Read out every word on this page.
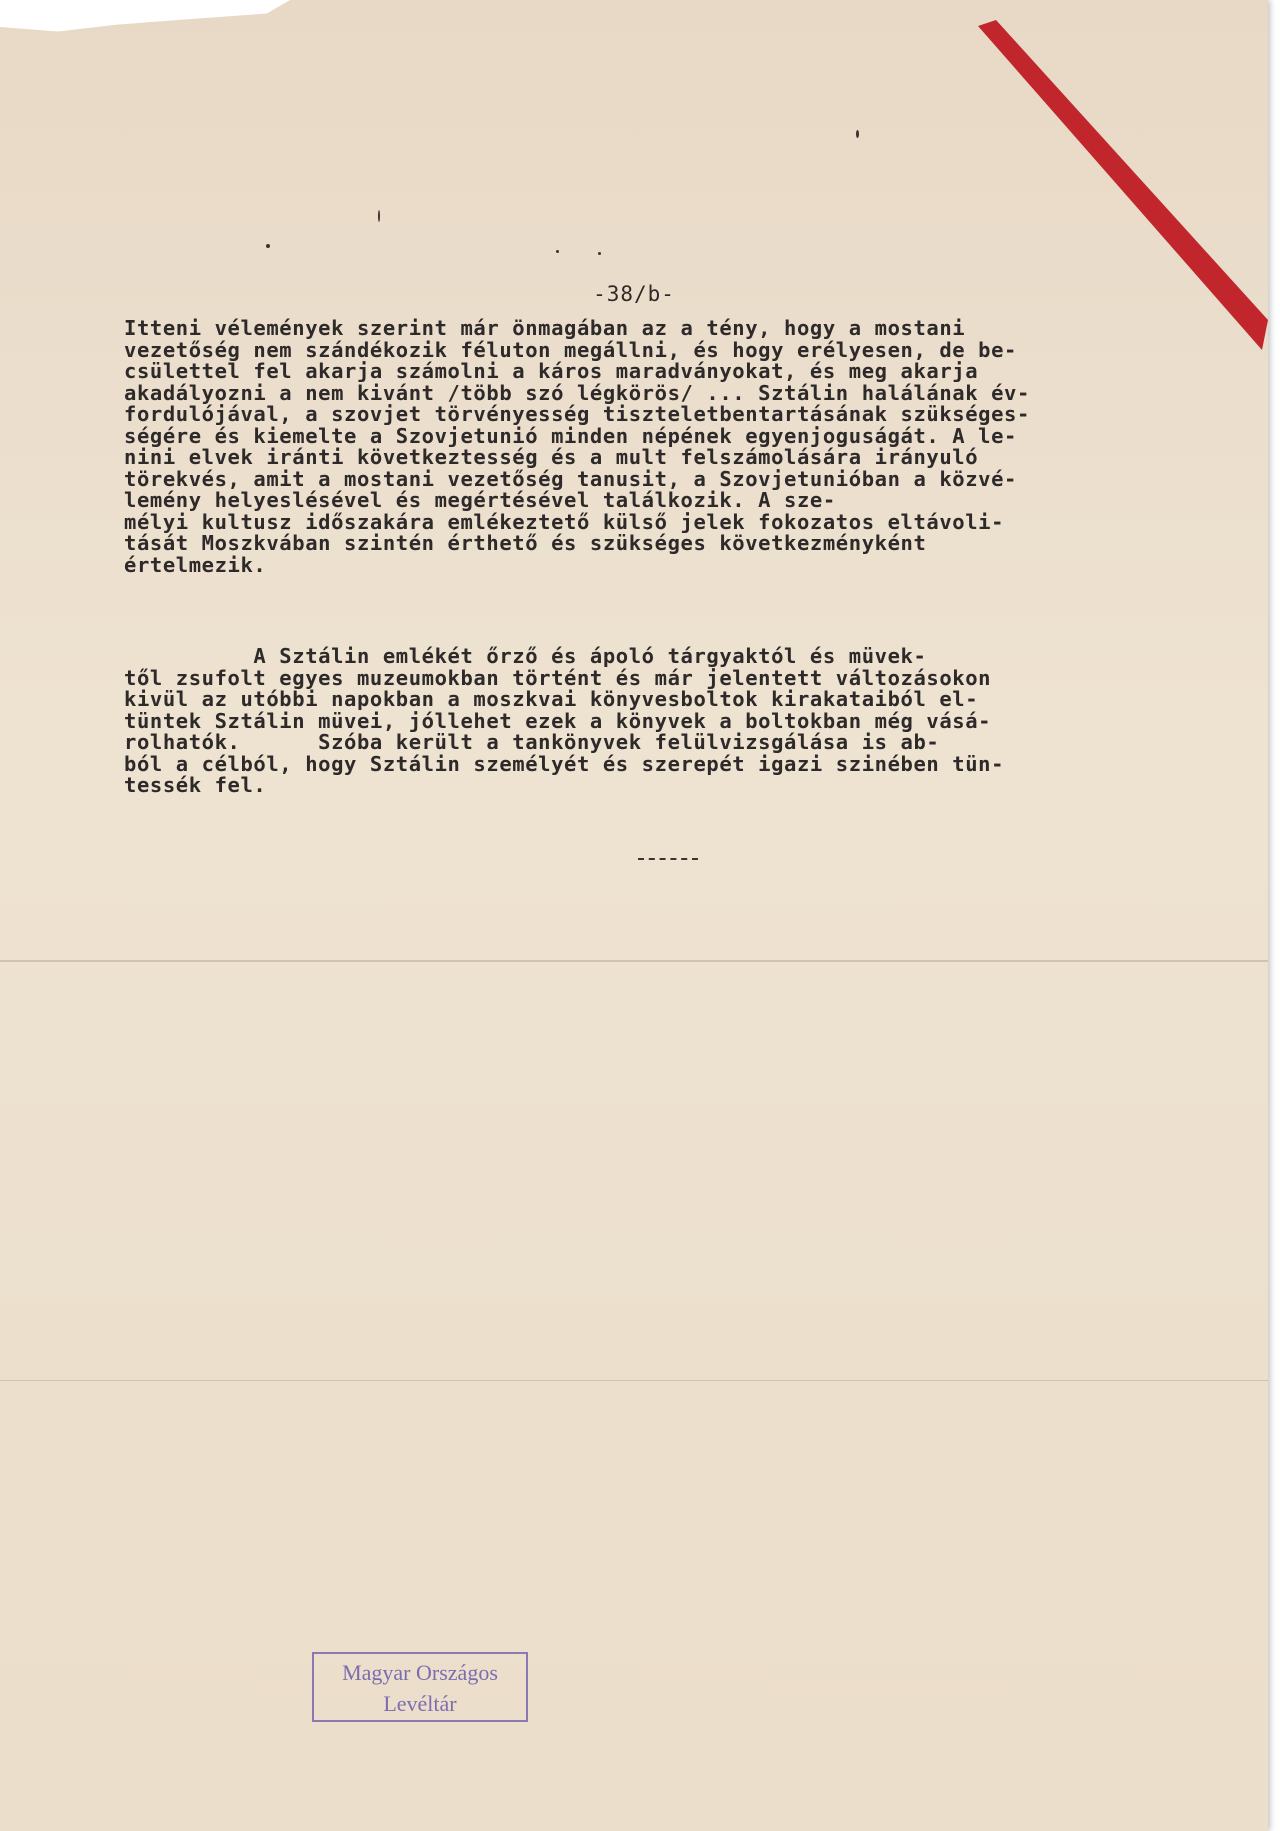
-38/b-
Itteni vélemények szerint már önmagában az a tény, hogy a mostani
vezetőség nem szándékozik féluton megállni, és hogy erélyesen, de be-
csülettel fel akarja számolni a káros maradványokat, és meg akarja
akadályozni a nem kivánt /több szó légkörös/ ... Sztálin halálának év-
fordulójával, a szovjet törvényesség tiszteletbentartásának szükséges-
ségére és kiemelte a Szovjetunió minden népének egyenjoguságát. A le-
nini elvek iránti következtesség és a mult felszámolására irányuló
törekvés, amit a mostani vezetőség tanusit, a Szovjetunióban a közvé-
lemény helyeslésével és megértésével találkozik. A sze-
mélyi kultusz időszakára emlékeztető külső jelek fokozatos eltávoli-
tását Moszkvában szintén érthető és szükséges következményként
értelmezik.
A Sztálin emlékét őrző és ápoló tárgyaktól és müvek-
től zsufolt egyes muzeumokban történt és már jelentett változásokon
kivül az utóbbi napokban a moszkvai könyvesboltok kirakataiból el-
tüntek Sztálin müvei, jóllehet ezek a könyvek a boltokban még vásá-
rolhatók.      Szóba került a tankönyvek felülvizsgálása is ab-
ból a célból, hogy Sztálin személyét és szerepét igazi szinében tün-
tessék fel.
Magyar Országos
Levéltár
